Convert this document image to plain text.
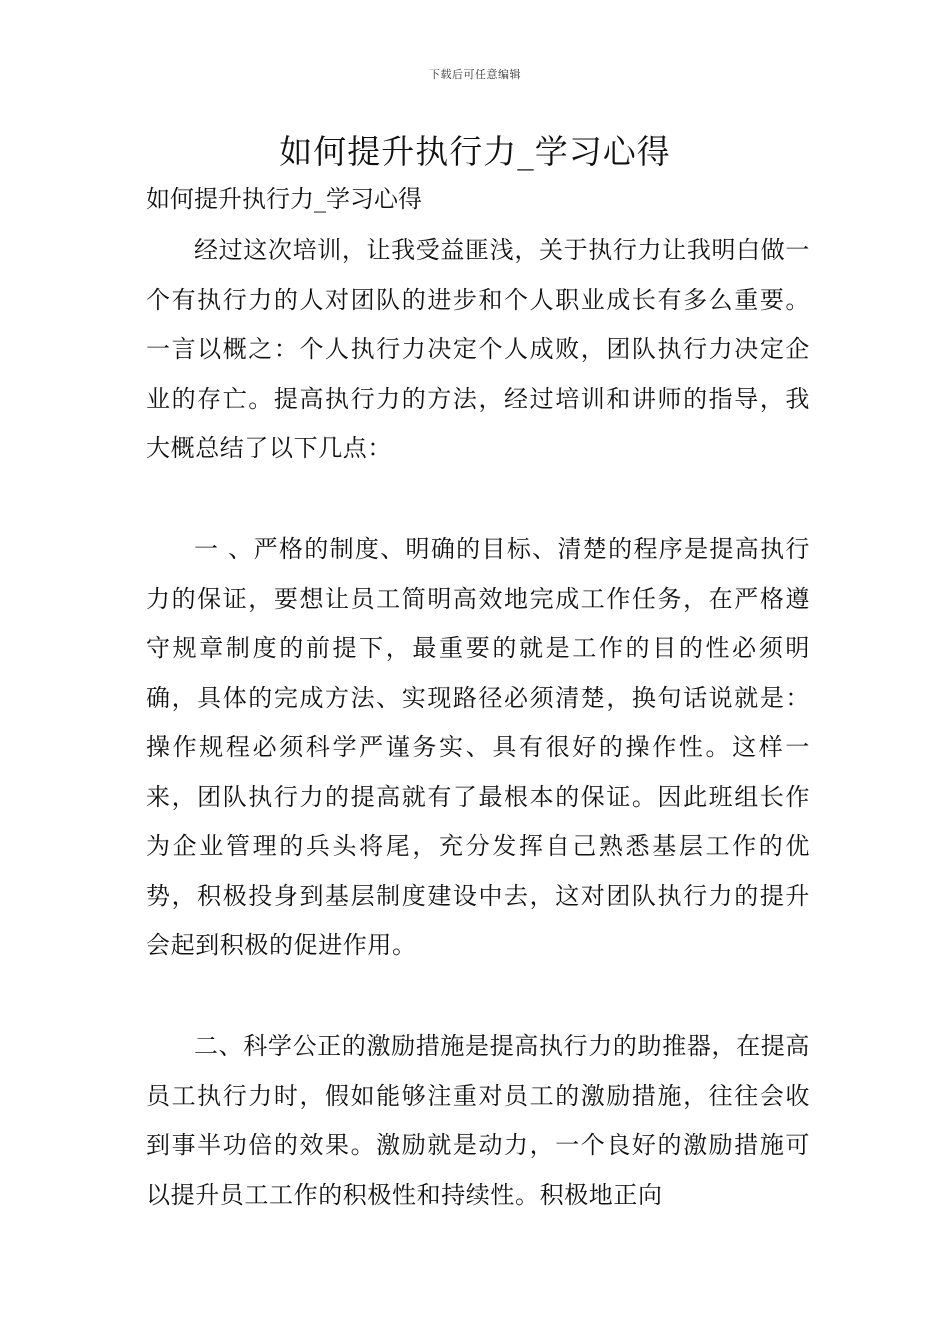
下载后可任意编辑
如何提升执行力_学习心得

如何提升执行力_学习心得

经过这次培训，让我受益匪浅，关于执行力让我明白做一个有执行力的人对团队的进步和个人职业成长有多么重要。一言以概之：个人执行力决定个人成败，团队执行力决定企业的存亡。提高执行力的方法，经过培训和讲师的指导，我大概总结了以下几点：

一 、严格的制度、明确的目标、清楚的程序是提高执行力的保证，要想让员工简明高效地完成工作任务，在严格遵守规章制度的前提下，最重要的就是工作的目的性必须明确，具体的完成方法、实现路径必须清楚，换句话说就是：操作规程必须科学严谨务实、具有很好的操作性。这样一来，团队执行力的提高就有了最根本的保证。因此班组长作为企业管理的兵头将尾，充分发挥自己熟悉基层工作的优势，积极投身到基层制度建设中去，这对团队执行力的提升会起到积极的促进作用。

二、科学公正的激励措施是提高执行力的助推器，在提高员工执行力时，假如能够注重对员工的激励措施，往往会收到事半功倍的效果。激励就是动力，一个良好的激励措施可以提升员工工作的积极性和持续性。积极地正向
